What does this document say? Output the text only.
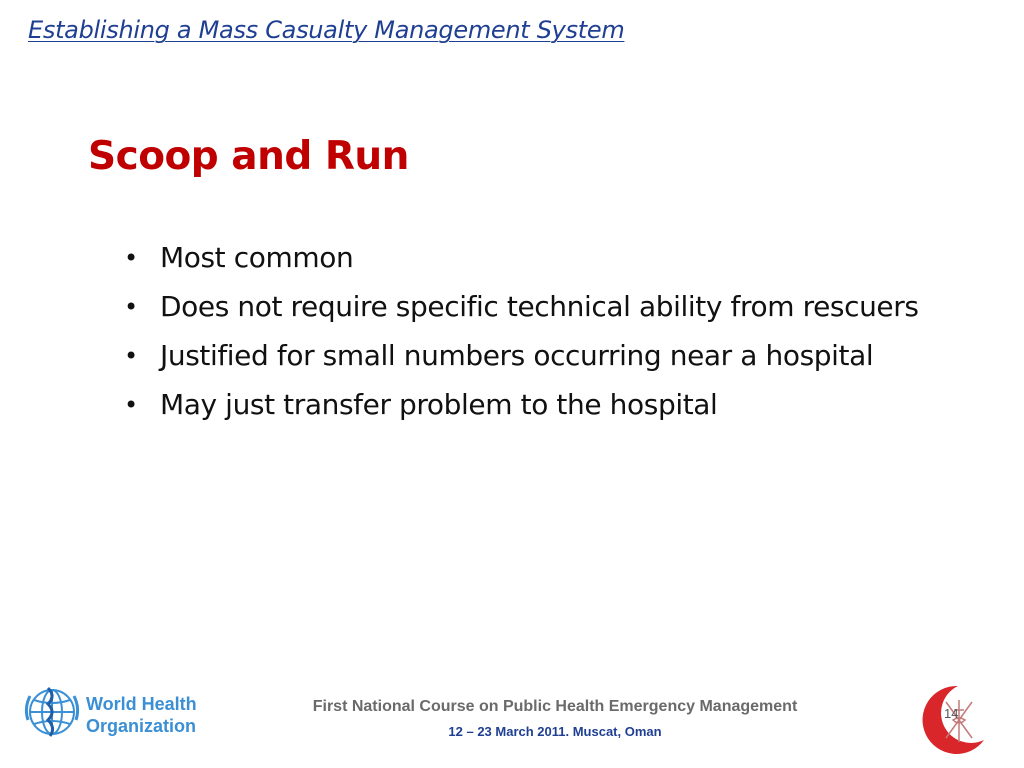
Establishing a Mass Casualty Management System
Scoop and Run
• Most common
• Does not require specific technical ability from rescuers
• Justified for small numbers occurring near a hospital
• May just transfer problem to the hospital
World Health
Organization
First National Course on Public Health Emergency Management
12 – 23 March 2011. Muscat, Oman
14
